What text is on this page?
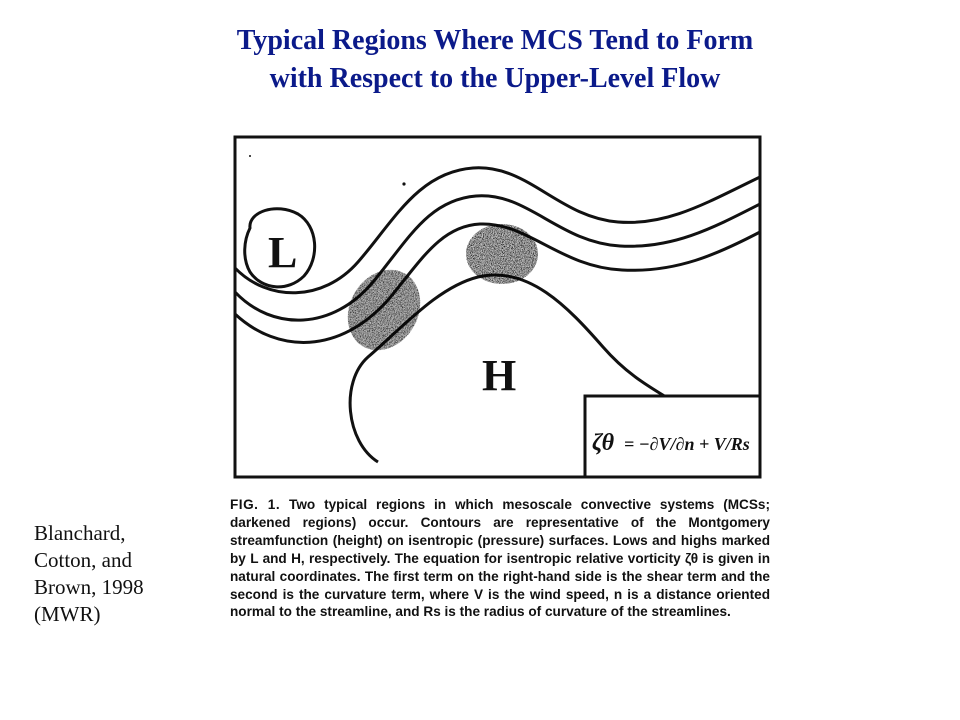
Typical Regions Where MCS Tend to Form
with Respect to the Upper-Level Flow
Blanchard,
Cotton, and
Brown, 1998
(MWR)
L
H
ζθ = −∂V/∂n + V/Rs
FIG. 1. Two typical regions in which mesoscale convective systems (MCSs; darkened regions) occur. Contours are representative of the Montgomery streamfunction (height) on isentropic (pressure) surfaces. Lows and highs marked by L and H, respectively. The equation for isentropic relative vorticity ζθ is given in natural coordinates. The first term on the right-hand side is the shear term and the second is the curvature term, where V is the wind speed, n is a distance oriented normal to the streamline, and Rs is the radius of curvature of the streamlines.
